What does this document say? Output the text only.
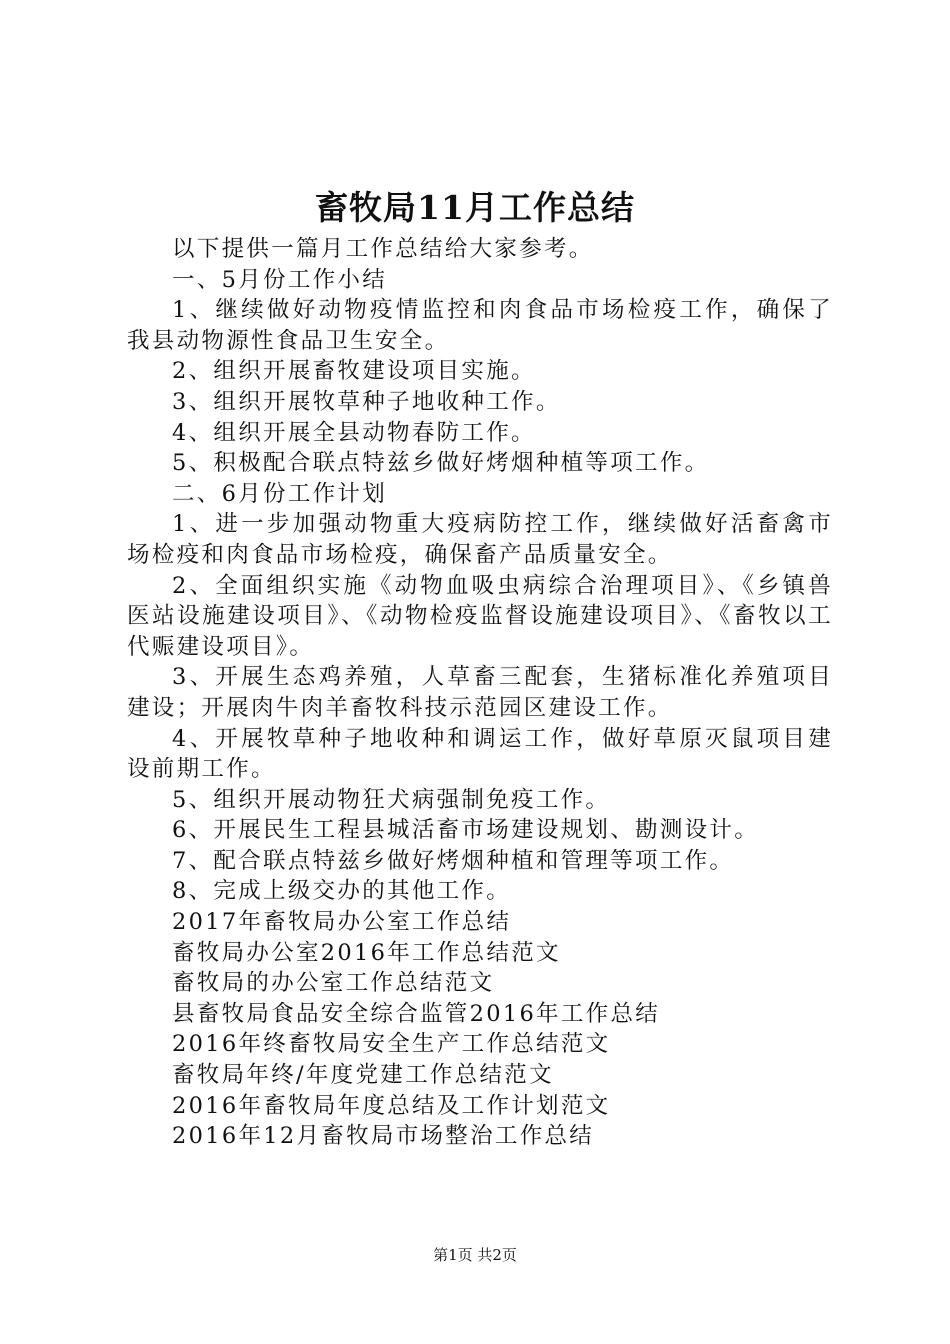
畜牧局11月工作总结

以下提供一篇月工作总结给大家参考。

一、5月份工作小结

1、继续做好动物疫情监控和肉食品市场检疫工作，确保了我县动物源性食品卫生安全。

2、组织开展畜牧建设项目实施。

3、组织开展牧草种子地收种工作。

4、组织开展全县动物春防工作。

5、积极配合联点特兹乡做好烤烟种植等项工作。

二、6月份工作计划

1、进一步加强动物重大疫病防控工作，继续做好活畜禽市场检疫和肉食品市场检疫，确保畜产品质量安全。

2、全面组织实施《动物血吸虫病综合治理项目》、《乡镇兽医站设施建设项目》、《动物检疫监督设施建设项目》、《畜牧以工代赈建设项目》。

3、开展生态鸡养殖，人草畜三配套，生猪标准化养殖项目建设；开展肉牛肉羊畜牧科技示范园区建设工作。

4、开展牧草种子地收种和调运工作，做好草原灭鼠项目建设前期工作。

5、组织开展动物狂犬病强制免疫工作。

6、开展民生工程县城活畜市场建设规划、勘测设计。

7、配合联点特兹乡做好烤烟种植和管理等项工作。

8、完成上级交办的其他工作。

2017年畜牧局办公室工作总结

畜牧局办公室2016年工作总结范文

畜牧局的办公室工作总结范文

县畜牧局食品安全综合监管2016年工作总结

2016年终畜牧局安全生产工作总结范文

畜牧局年终/年度党建工作总结范文

2016年畜牧局年度总结及工作计划范文

2016年12月畜牧局市场整治工作总结

第1页 共2页
